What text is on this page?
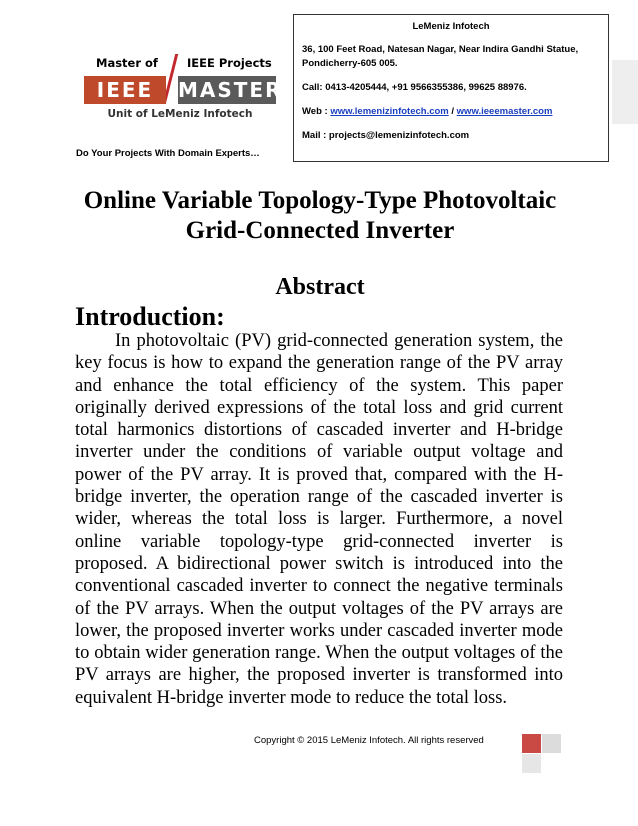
Master of	IEEE Projects
IEEE	MASTER
Unit of LeMeniz Infotech
Do Your Projects With Domain Experts…
LeMeniz Infotech
36, 100 Feet Road, Natesan Nagar, Near Indira Gandhi Statue, Pondicherry-605 005.
Call: 0413-4205444, +91 9566355386, 99625 88976.
Web : www.lemenizinfotech.com / www.ieeemaster.com
Mail : projects@lemenizinfotech.com
Online Variable Topology-Type Photovoltaic Grid-Connected Inverter
Abstract
Introduction:

In photovoltaic (PV) grid-connected generation system, the key focus is how to expand the generation range of the PV array and enhance the total efficiency of the system. This paper originally derived expressions of the total loss and grid current total harmonics distortions of cascaded inverter and H-bridge inverter under the conditions of variable output voltage and power of the PV array. It is proved that, compared with the H-bridge inverter, the operation range of the cascaded inverter is wider, whereas the total loss is larger. Furthermore, a novel online variable topology-type grid-connected inverter is proposed. A bidirectional power switch is introduced into the conventional cascaded inverter to connect the negative terminals of the PV arrays. When the output voltages of the PV arrays are lower, the proposed inverter works under cascaded inverter mode to obtain wider generation range. When the output voltages of the PV arrays are higher, the proposed inverter is transformed into equivalent H-bridge inverter mode to reduce the total loss.

Copyright © 2015 LeMeniz Infotech. All rights reserved
